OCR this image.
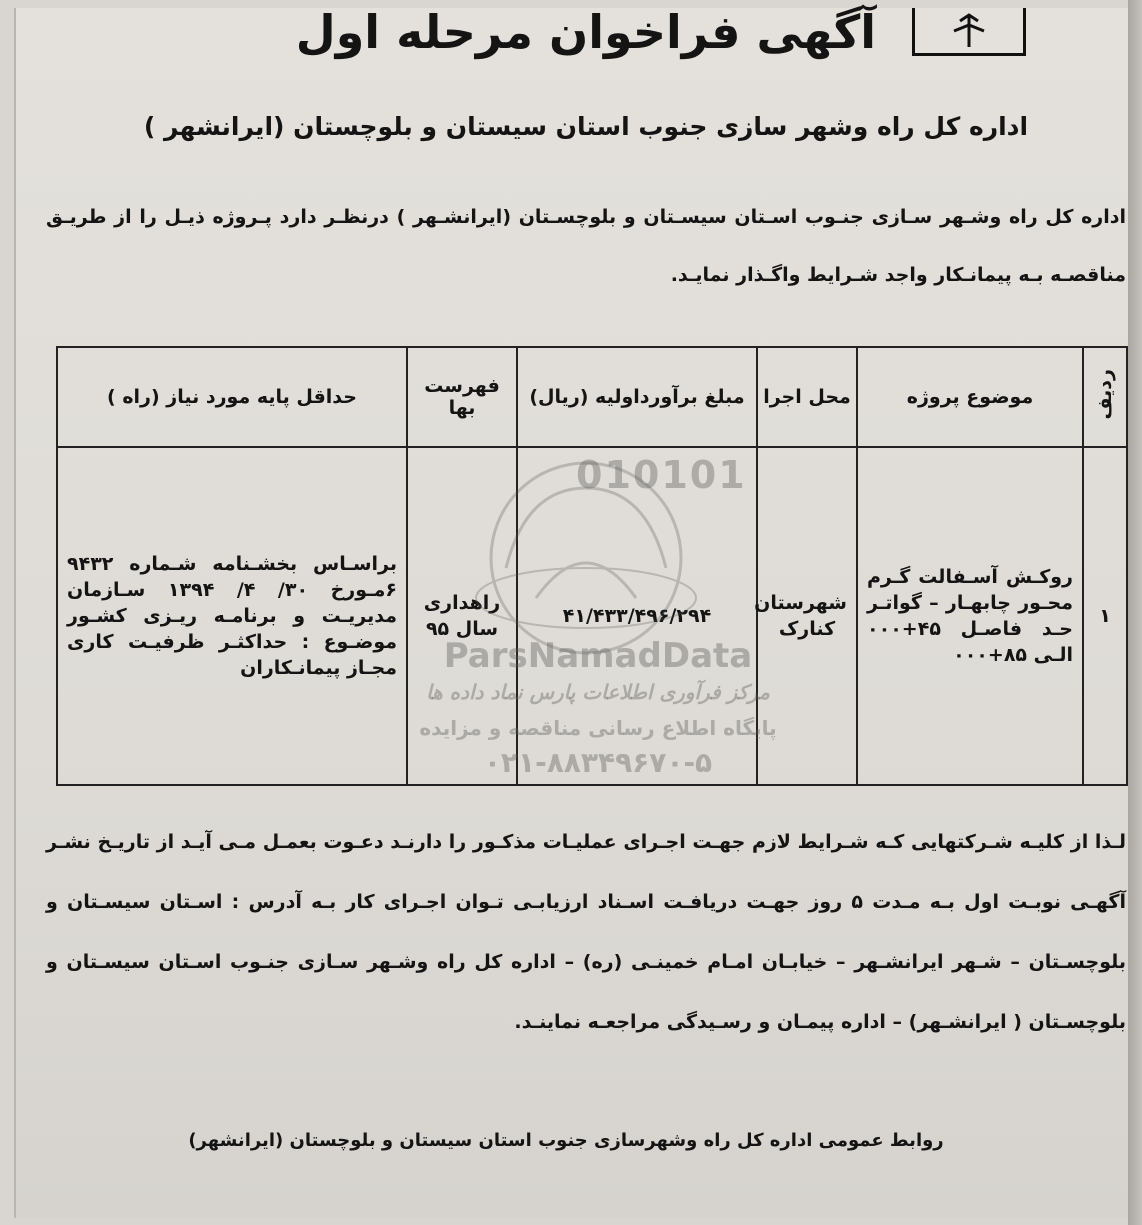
آگهی فراخوان مرحله اول
اداره کل راه وشهر سازی جنوب استان سیستان و بلوچستان (ایرانشهر )
اداره کل راه وشـهر سـازی جنـوب اسـتان سیسـتان و بلوچسـتان (ایرانشـهر ) درنظـر دارد پـروژه ذیـل را از طریـق مناقصـه بـه پیمانـکار واجد شـرایط واگـذار نمایـد.
ردیف	موضوع پروژه	محل اجرا	مبلغ برآورداولیه (ریال)	فهرست بها	حداقل پایه مورد نیاز (راه )
۱	روکـش آسـفالت گـرم محـور چابهـار – گواتـر حـد فاصـل ۴۵+۰۰۰ الـی ۸۵+۰۰۰	شهرستان کنارک	۴۱/۴۳۳/۴۹۶/۲۹۴	راهداری سال ۹۵	براسـاس بخشـنامه شـماره ۹۴۳۲ ۶مـورخ ۳۰/ ۴/ ۱۳۹۴ سـازمان مدیریـت و برنامـه ریـزی کشـور موضـوع : حداکثـر ظرفیـت کاری مجـاز پیمانـکاران
010101
ParsNamadData
مرکز فرآوری اطلاعات پارس نماد داده ها
پایگاه اطلاع رسانی مناقصه و مزایده
۰۲۱-۸۸۳۴۹۶۷۰-۵
لـذا از کلیـه شـرکتهایی کـه شـرایط لازم جهـت اجـرای عملیـات مذکـور را دارنـد دعـوت بعمـل مـی آیـد از تاریـخ نشـر آگهـی نوبـت اول بـه مـدت ۵ روز جهـت دریافـت اسـناد ارزیابـی تـوان اجـرای کار بـه آدرس : اسـتان سیسـتان و بلوچسـتان – شـهر ایرانشـهر – خیابـان امـام خمینـی (ره) – اداره کل راه وشـهر سـازی جنـوب اسـتان سیسـتان و بلوچسـتان ( ایرانشـهر) – اداره پیمـان و رسـیدگی مراجعـه نماینـد.
روابط عمومی اداره کل راه وشهرسازی جنوب استان سیستان و بلوچستان (ایرانشهر)
